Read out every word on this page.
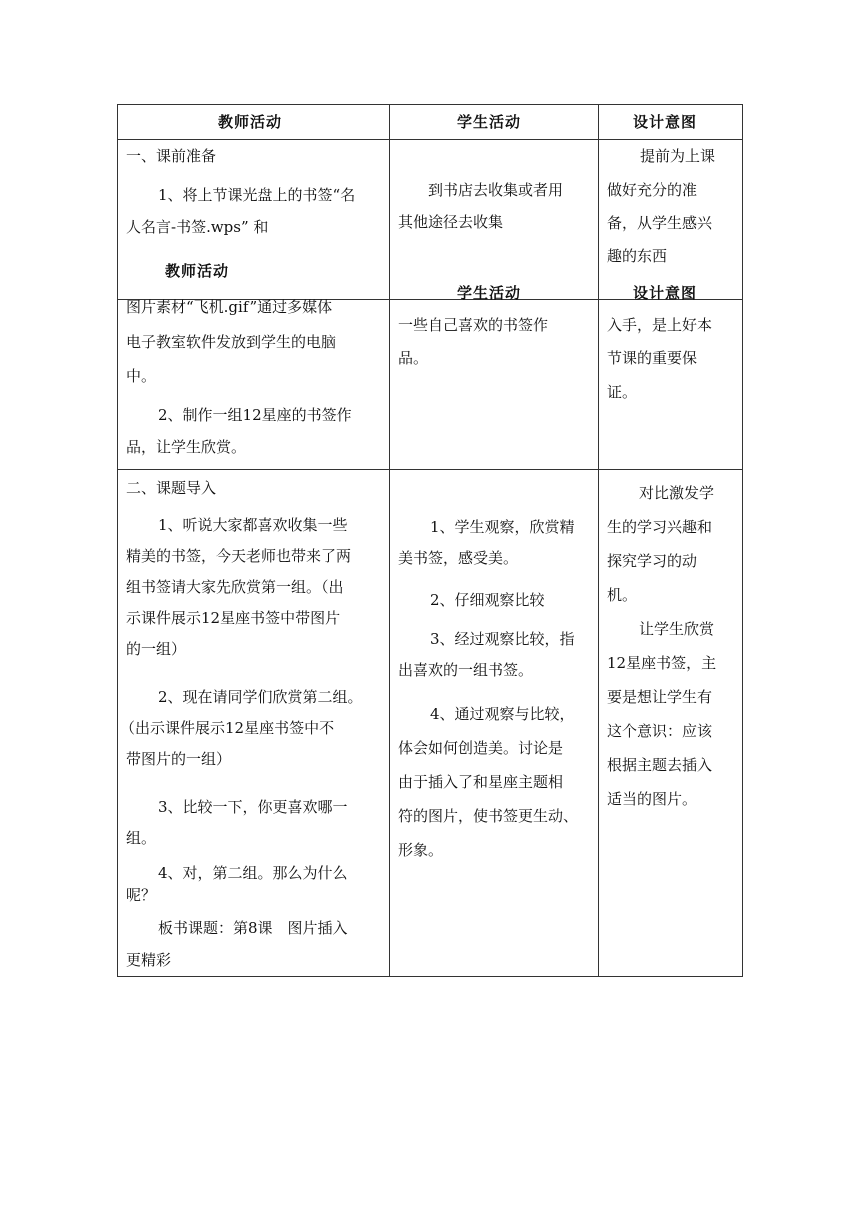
教师活动	学生活动	设计意图
一、课前准备
1、将上节课光盘上的书签“名
人名言-书签.wps” 和
教师活动
图片素材“飞机.gif”通过多媒体
电子教室软件发放到学生的电脑
中。
2、制作一组12星座的书签作
品，让学生欣赏。
到书店去收集或者用
其他途径去收集
学生活动
一些自己喜欢的书签作
品。
提前为上课
做好充分的准
备，从学生感兴
趣的东西
设计意图
入手，是上好本
节课的重要保
证。
二、课题导入
1、听说大家都喜欢收集一些
精美的书签，今天老师也带来了两
组书签请大家先欣赏第一组。（出
示课件展示12星座书签中带图片
的一组）
2、现在请同学们欣赏第二组。
（出示课件展示12星座书签中不
带图片的一组）
3、比较一下，你更喜欢哪一
组。
4、对，第二组。那么为什么
呢？
板书课题：第8课　图片插入
更精彩
1、学生观察，欣赏精
美书签，感受美。
2、仔细观察比较
3、经过观察比较，指
出喜欢的一组书签。
4、通过观察与比较，
体会如何创造美。讨论是
由于插入了和星座主题相
符的图片，使书签更生动、
形象。
对比激发学
生的学习兴趣和
探究学习的动
机。
让学生欣赏
12星座书签，主
要是想让学生有
这个意识：应该
根据主题去插入
适当的图片。
